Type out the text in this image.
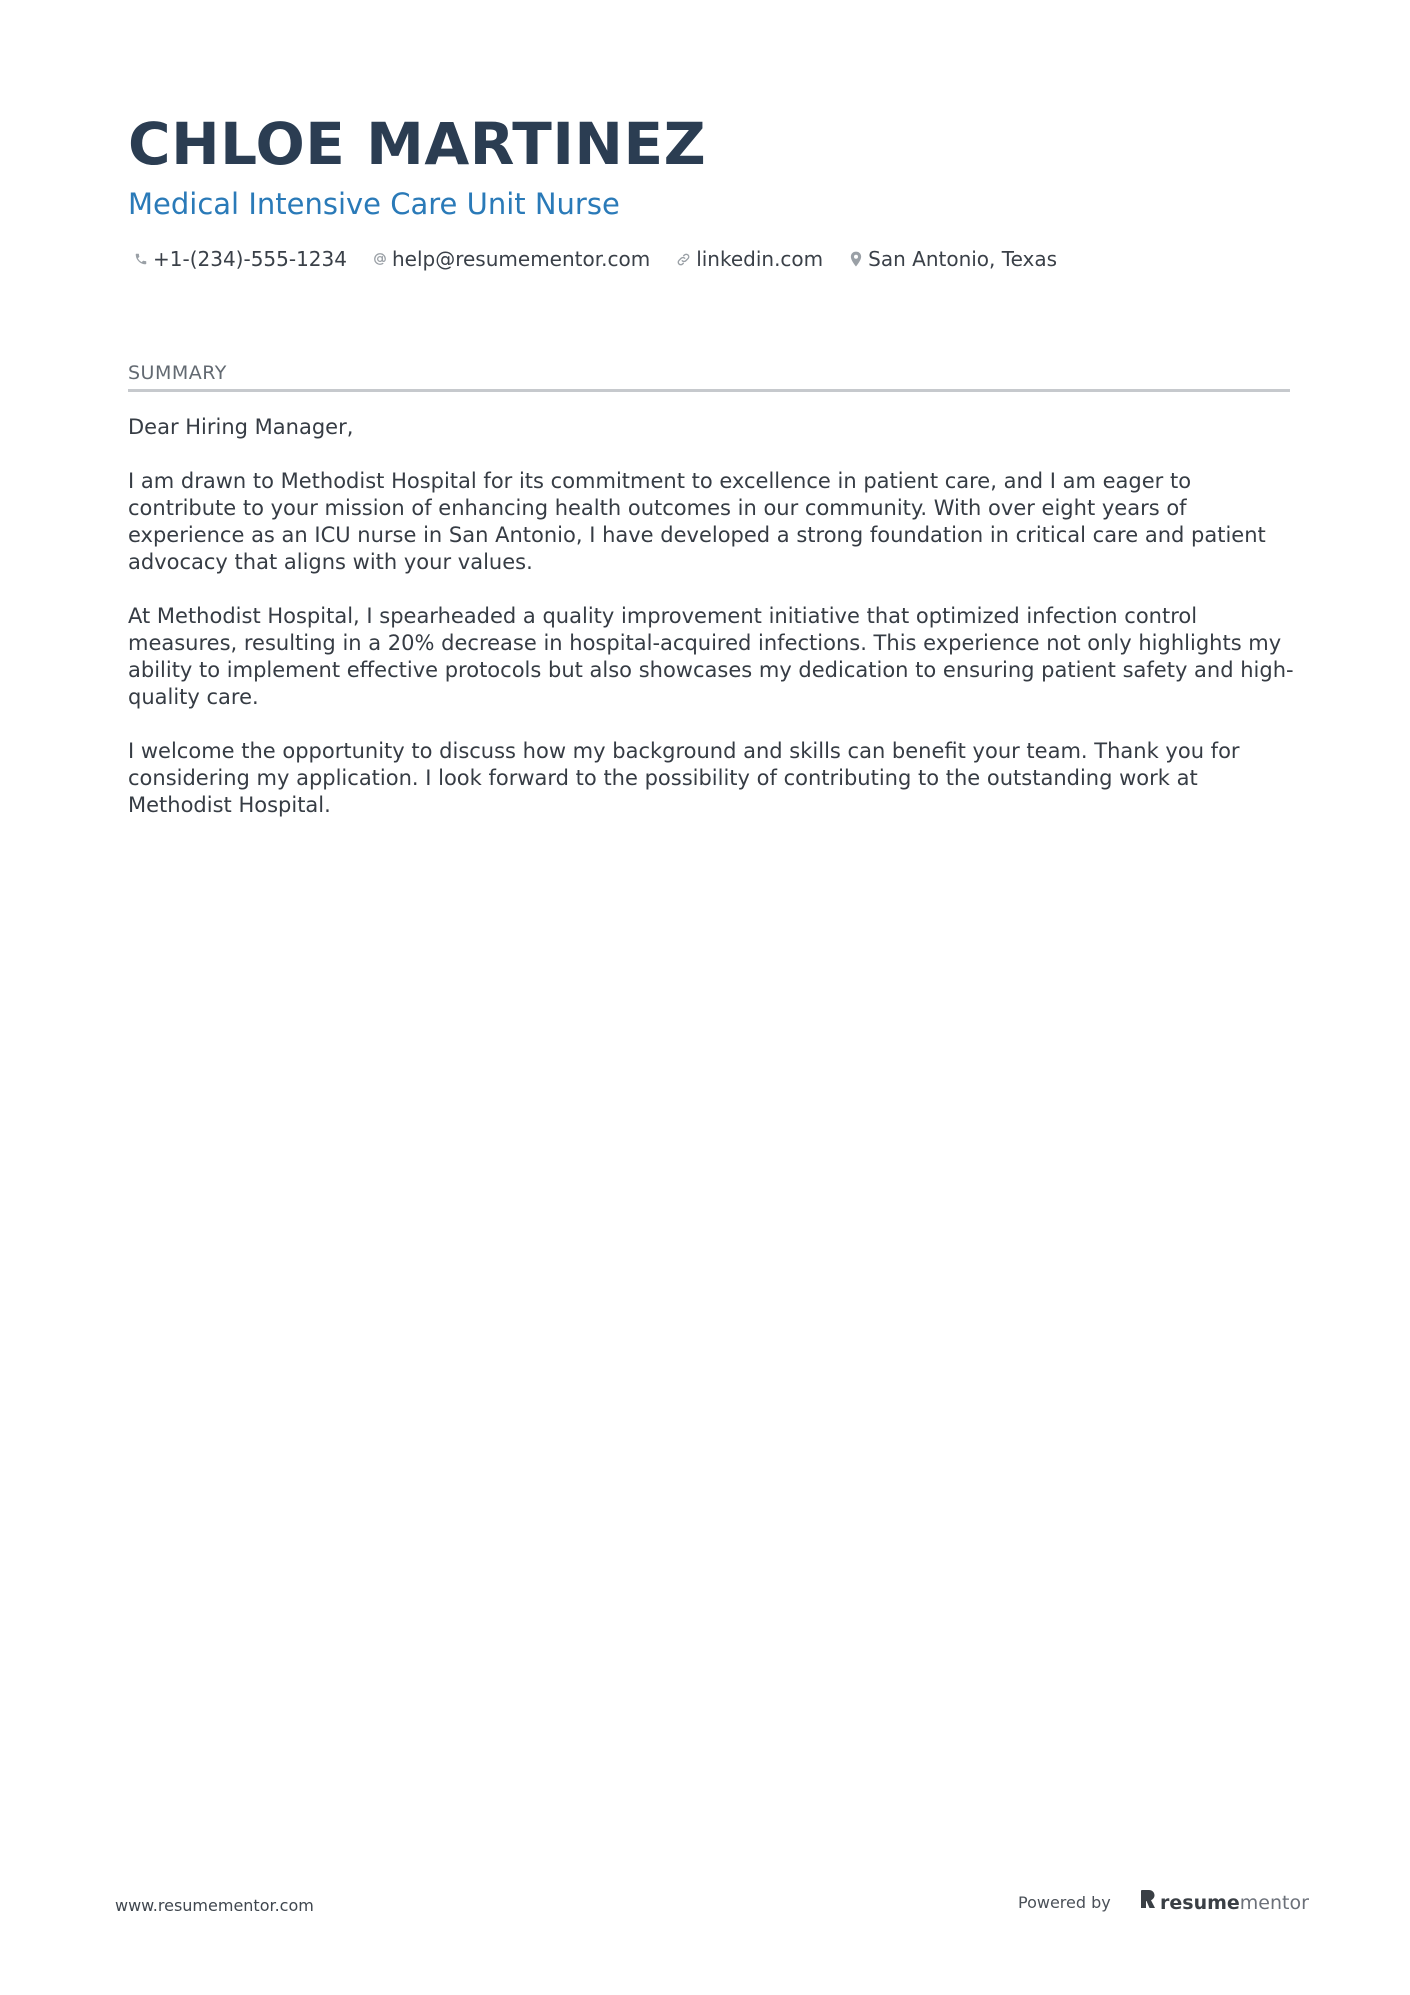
CHLOE MARTINEZ
Medical Intensive Care Unit Nurse
+1-(234)-555-1234 help@resumementor.com linkedin.com San Antonio, Texas
SUMMARY

Dear Hiring Manager,

I am drawn to Methodist Hospital for its commitment to excellence in patient care, and I am eager to contribute to your mission of enhancing health outcomes in our community. With over eight years of experience as an ICU nurse in San Antonio, I have developed a strong foundation in critical care and patient advocacy that aligns with your values.

At Methodist Hospital, I spearheaded a quality improvement initiative that optimized infection control measures, resulting in a 20% decrease in hospital-acquired infections. This experience not only highlights my ability to implement effective protocols but also showcases my dedication to ensuring patient safety and high-quality care.

I welcome the opportunity to discuss how my background and skills can benefit your team. Thank you for considering my application. I look forward to the possibility of contributing to the outstanding work at Methodist Hospital.

www.resumementor.com	Powered by	resumementor
